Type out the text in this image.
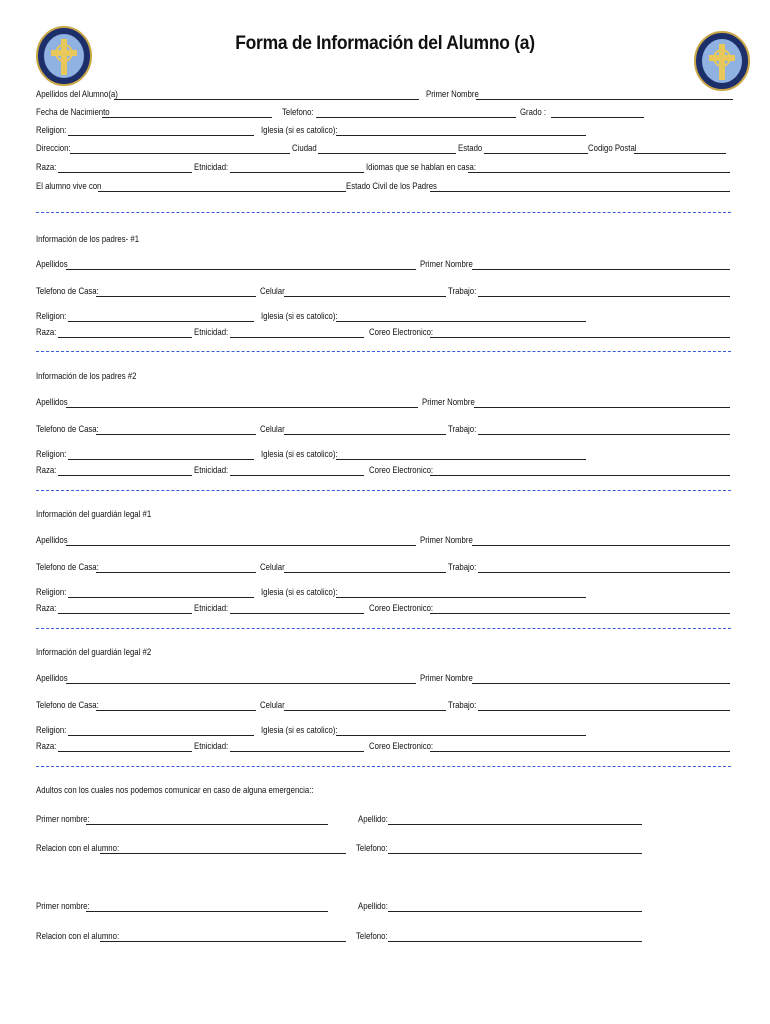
Forma de Información del Alumno (a)
Apellidos del Alumno(a)	Primer Nombre
Fecha de Nacimiento	Telefono:	Grado :
Religion:	Iglesia (si es catolico):
Direccion:	Ciudad	Estado	Codigo Postal
Raza:	Etnicidad:	Idiomas que se hablan en casa:
El alumno vive con	Estado Civil de los Padres
Información de los padres- #1
Apellidos	Primer Nombre
Telefono de Casa:	Celular	Trabajo:
Religion:	Iglesia (si es catolico):
Raza:	Etnicidad:	Coreo Electronico:
Información de los padres #2
Apellidos	Primer Nombre
Telefono de Casa:	Celular	Trabajo:
Religion:	Iglesia (si es catolico):
Raza:	Etnicidad:	Coreo Electronico:
Información del guardián legal #1
Apellidos	Primer Nombre
Telefono de Casa:	Celular	Trabajo:
Religion:	Iglesia (si es catolico):
Raza:	Etnicidad:	Coreo Electronico:
Información del guardián legal #2
Apellidos	Primer Nombre
Telefono de Casa:	Celular	Trabajo:
Religion:	Iglesia (si es catolico):
Raza:	Etnicidad:	Coreo Electronico:
Adultos con los cuales nos podemos comunicar en caso de alguna emergencia::
Primer nombre:	Apellido:
Relacion con el alumno:	Telefono:
Primer nombre:	Apellido:
Relacion con el alumno:	Telefono:
